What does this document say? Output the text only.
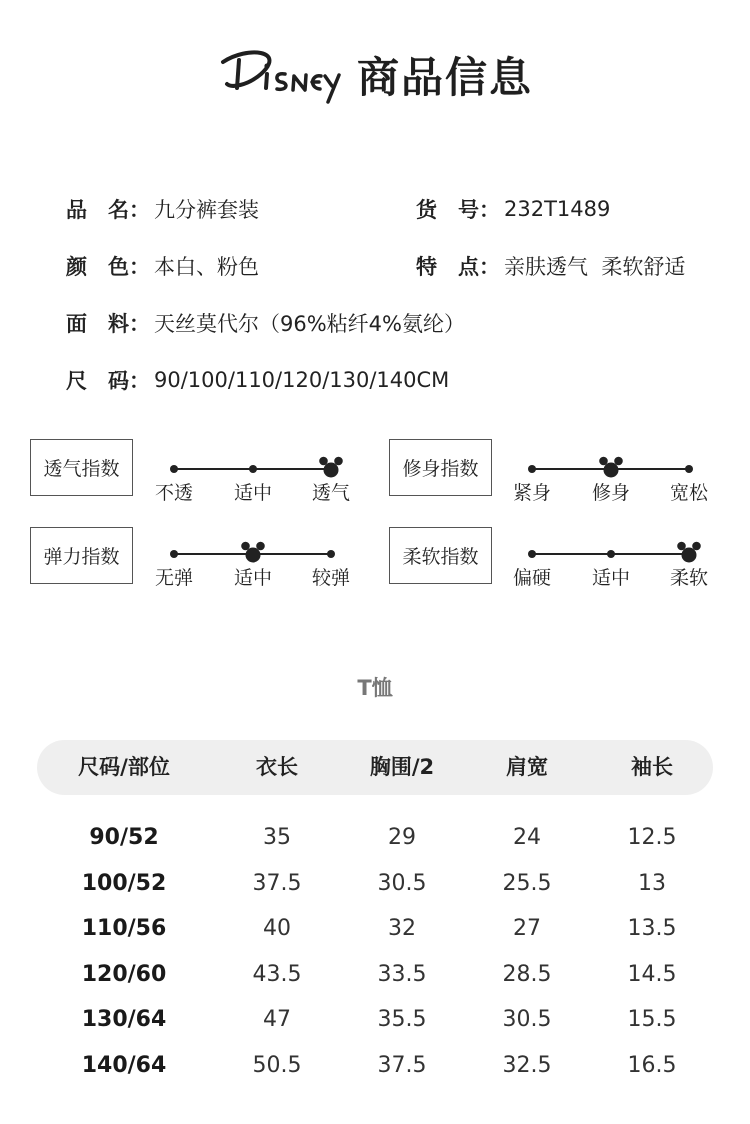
商品信息
品　名 ： 九分裤套装	货　号 ： 232T1489
颜　色 ： 本白、粉色	特　点 ： 亲肤透气  柔软舒适
面　料 ： 天丝莫代尔（96%粘纤4%氨纶）
尺　码 ： 90/100/110/120/130/140CM
透气指数	修身指数
弹力指数	柔软指数
不透 适中 透气	紧身 修身 宽松
无弹 适中 较弹	偏硬 适中 柔软
T恤
尺码/部位	衣长	胸围/2	肩宽	袖长
90/52	35	29	24	12.5
100/52	37.5	30.5	25.5	13
110/56	40	32	27	13.5
120/60	43.5	33.5	28.5	14.5
130/64	47	35.5	30.5	15.5
140/64	50.5	37.5	32.5	16.5
